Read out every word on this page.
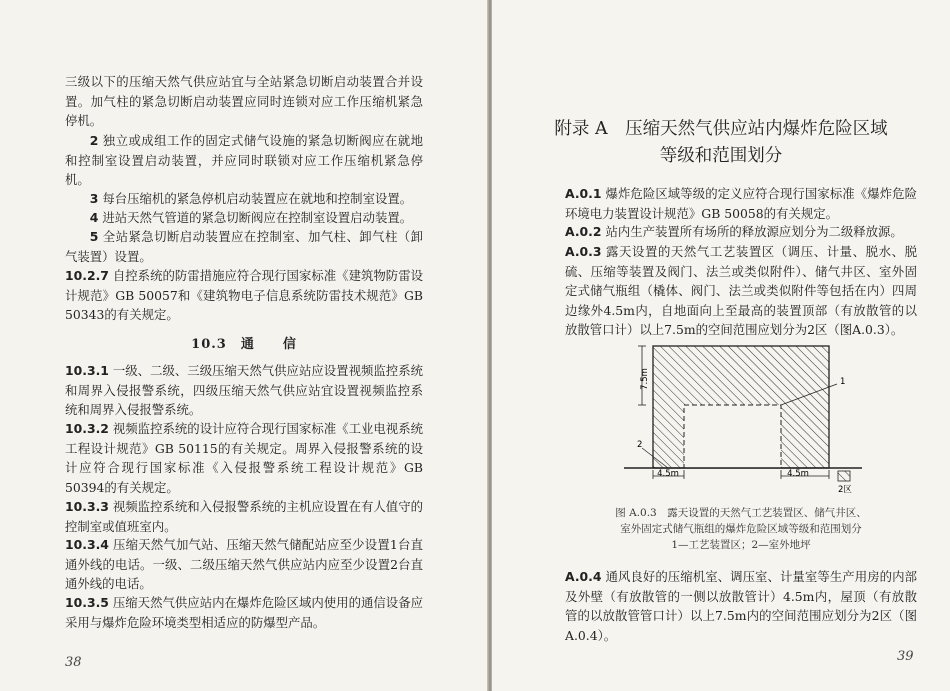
三级以下的压缩天然气供应站宜与全站紧急切断启动装置合并设置。加气柱的紧急切断启动装置应同时连锁对应工作压缩机紧急停机。
2 独立或成组工作的固定式储气设施的紧急切断阀应在就地和控制室设置启动装置，并应同时联锁对应工作压缩机紧急停机。
3 每台压缩机的紧急停机启动装置应在就地和控制室设置。
4 进站天然气管道的紧急切断阀应在控制室设置启动装置。
5 全站紧急切断启动装置应在控制室、加气柱、卸气柱（卸气装置）设置。
10.2.7 自控系统的防雷措施应符合现行国家标准《建筑物防雷设计规范》GB 50057和《建筑物电子信息系统防雷技术规范》GB 50343的有关规定。
10.3　通　　信
10.3.1 一级、二级、三级压缩天然气供应站应设置视频监控系统和周界入侵报警系统，四级压缩天然气供应站宜设置视频监控系统和周界入侵报警系统。
10.3.2 视频监控系统的设计应符合现行国家标准《工业电视系统工程设计规范》GB 50115的有关规定。周界入侵报警系统的设计应符合现行国家标准《入侵报警系统工程设计规范》GB 50394的有关规定。
10.3.3 视频监控系统和入侵报警系统的主机应设置在有人值守的控制室或值班室内。
10.3.4 压缩天然气加气站、压缩天然气储配站应至少设置1台直通外线的电话。一级、二级压缩天然气供应站内应至少设置2台直通外线的电话。
10.3.5 压缩天然气供应站内在爆炸危险区域内使用的通信设备应采用与爆炸危险环境类型相适应的防爆型产品。
38
附录 A　压缩天然气供应站内爆炸危险区域
等级和范围划分
A.0.1 爆炸危险区域等级的定义应符合现行国家标准《爆炸危险环境电力装置设计规范》GB 50058的有关规定。
A.0.2 站内生产装置所有场所的释放源应划分为二级释放源。
A.0.3 露天设置的天然气工艺装置区（调压、计量、脱水、脱硫、压缩等装置及阀门、法兰或类似附件）、储气井区、室外固定式储气瓶组（橇体、阀门、法兰或类似附件等包括在内）四周边缘外4.5m内，自地面向上至最高的装置顶部（有放散管的以放散管口计）以上7.5m的空间范围应划分为2区（图A.0.3）。
7.5m
4.5m	4.5m
1
2
2区
图 A.0.3　露天设置的天然气工艺装置区、储气井区、
室外固定式储气瓶组的爆炸危险区域等级和范围划分
1—工艺装置区；2—室外地坪
A.0.4 通风良好的压缩机室、调压室、计量室等生产用房的内部及外壁（有放散管的一侧以放散管计）4.5m内，屋顶（有放散管的以放散管管口计）以上7.5m内的空间范围应划分为2区（图A.0.4）。
39
